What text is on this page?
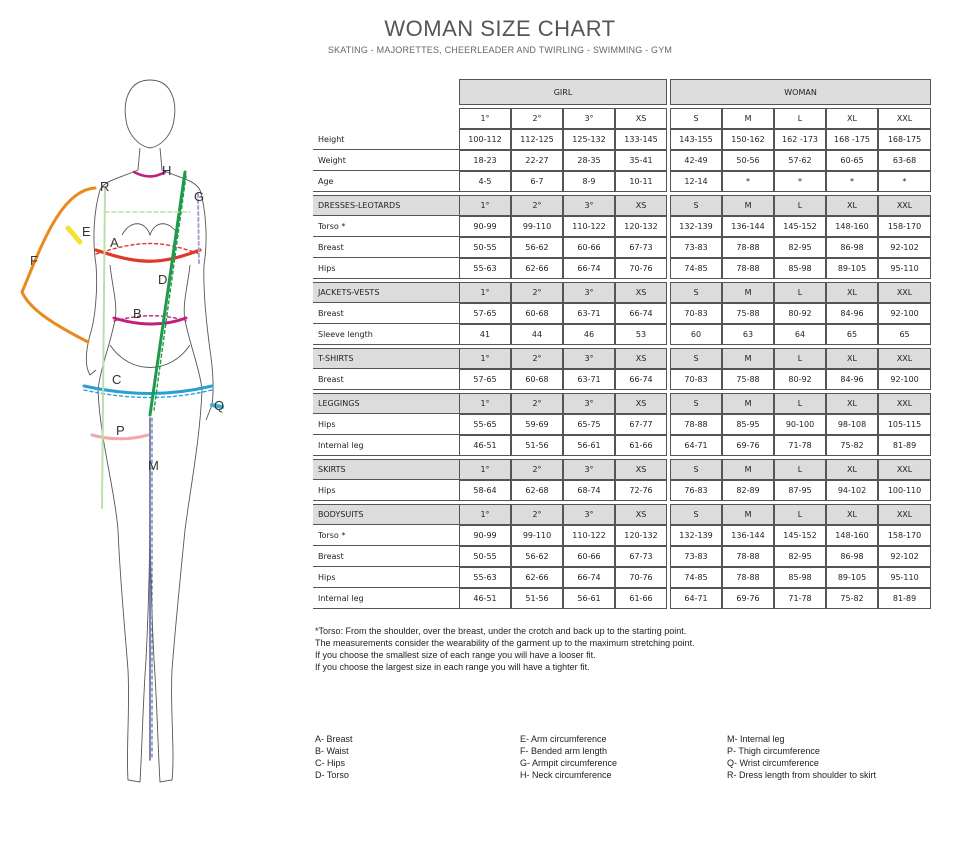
WOMAN SIZE CHART
SKATING - MAJORETTES, CHEERLEADER AND TWIRLING - SWIMMING - GYM
H
R
G
E
A
F
D
B
C
Q
P
M
	GIRL					WOMAN				

	1°	2°	3°	XS		S	M	L	XL	XXL
Height	100-112	112-125	125-132	133-145		143-155	150-162	162 -173	168 -175	168-175
Weight	18-23	22-27	28-35	35-41		42-49	50-56	57-62	60-65	63-68
Age	4-5	6-7	8-9	10-11		12-14	*	*	*	*

DRESSES-LEOTARDS	1°	2°	3°	XS		S	M	L	XL	XXL
Torso *	90-99	99-110	110-122	120-132		132-139	136-144	145-152	148-160	158-170
Breast	50-55	56-62	60-66	67-73		73-83	78-88	82-95	86-98	92-102
Hips	55-63	62-66	66-74	70-76		74-85	78-88	85-98	89-105	95-110

JACKETS-VESTS	1°	2°	3°	XS		S	M	L	XL	XXL
Breast	57-65	60-68	63-71	66-74		70-83	75-88	80-92	84-96	92-100
Sleeve length	41	44	46	53		60	63	64	65	65

T-SHIRTS	1°	2°	3°	XS		S	M	L	XL	XXL
Breast	57-65	60-68	63-71	66-74		70-83	75-88	80-92	84-96	92-100

LEGGINGS	1°	2°	3°	XS		S	M	L	XL	XXL
Hips	55-65	59-69	65-75	67-77		78-88	85-95	90-100	98-108	105-115
Internal leg	46-51	51-56	56-61	61-66		64-71	69-76	71-78	75-82	81-89

SKIRTS	1°	2°	3°	XS		S	M	L	XL	XXL
Hips	58-64	62-68	68-74	72-76		76-83	82-89	87-95	94-102	100-110

BODYSUITS	1°	2°	3°	XS		S	M	L	XL	XXL
Torso *	90-99	99-110	110-122	120-132		132-139	136-144	145-152	148-160	158-170
Breast	50-55	56-62	60-66	67-73		73-83	78-88	82-95	86-98	92-102
Hips	55-63	62-66	66-74	70-76		74-85	78-88	85-98	89-105	95-110
Internal leg	46-51	51-56	56-61	61-66		64-71	69-76	71-78	75-82	81-89
*Torso: From the shoulder, over the breast, under the crotch and back up to the starting point.
The measurements consider the wearability of the garment up to the maximum stretching point.
If you choose the smallest size of each range you will have a looser fit.
If you choose the largest size in each range you will have a tighter fit.
A- Breast
B- Waist
C- Hips
D- Torso
E- Arm circumference
F- Bended arm length
G- Armpit circumference
H- Neck circumference
M- Internal leg
P- Thigh circumference
Q- Wrist circumference
R- Dress length from shoulder to skirt
